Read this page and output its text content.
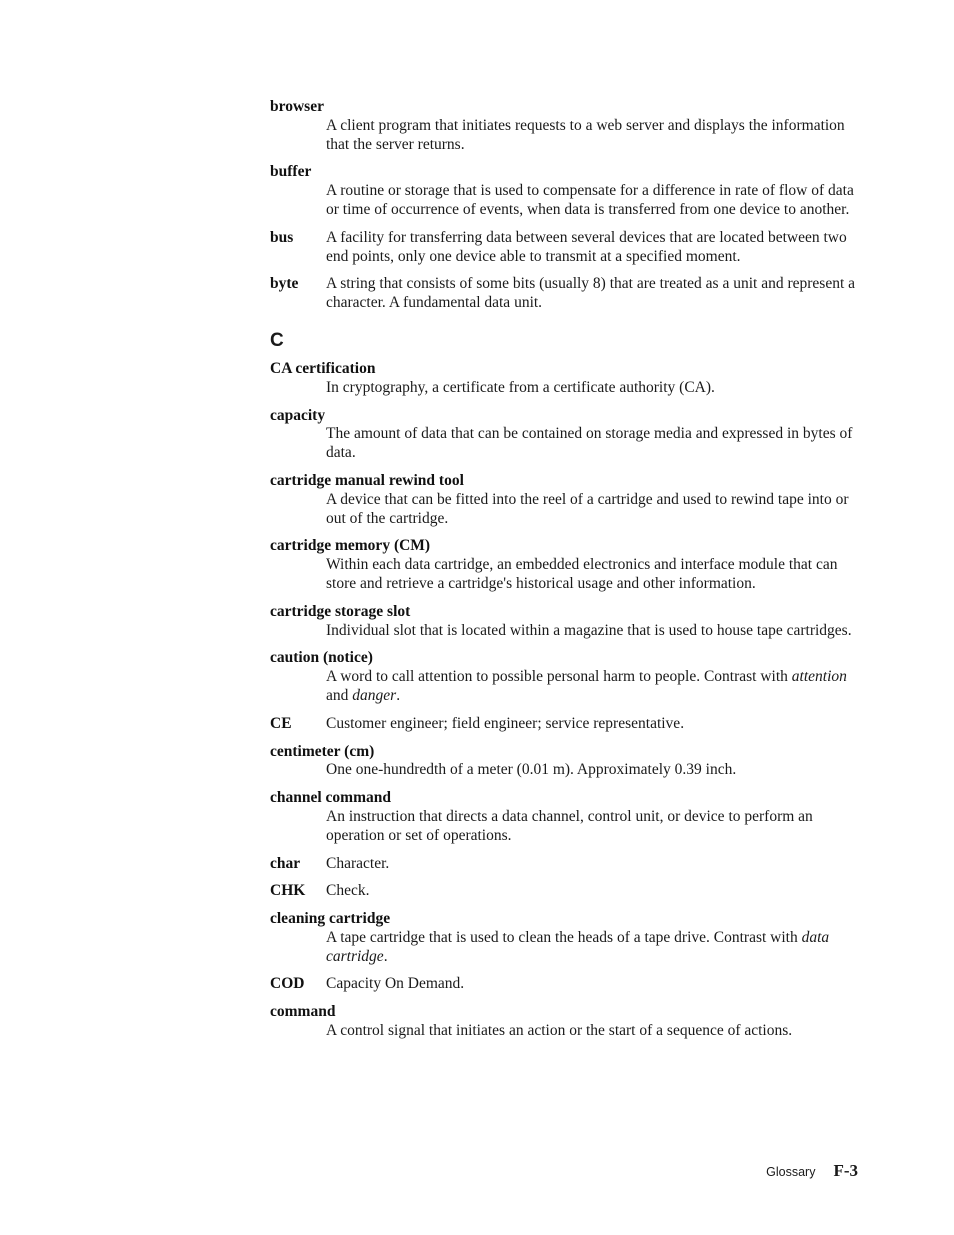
browser
A client program that initiates requests to a web server and displays the information that the server returns.
buffer
A routine or storage that is used to compensate for a difference in rate of flow of data or time of occurrence of events, when data is transferred from one device to another.
bus	A facility for transferring data between several devices that are located between two end points, only one device able to transmit at a specified moment.
byte	A string that consists of some bits (usually 8) that are treated as a unit and represent a character. A fundamental data unit.
C
CA certification
In cryptography, a certificate from a certificate authority (CA).
capacity
The amount of data that can be contained on storage media and expressed in bytes of data.
cartridge manual rewind tool
A device that can be fitted into the reel of a cartridge and used to rewind tape into or out of the cartridge.
cartridge memory (CM)
Within each data cartridge, an embedded electronics and interface module that can store and retrieve a cartridge's historical usage and other information.
cartridge storage slot
Individual slot that is located within a magazine that is used to house tape cartridges.
caution (notice)
A word to call attention to possible personal harm to people. Contrast with attention and danger.
CE	Customer engineer; field engineer; service representative.
centimeter (cm)
One one-hundredth of a meter (0.01 m). Approximately 0.39 inch.
channel command
An instruction that directs a data channel, control unit, or device to perform an operation or set of operations.
char	Character.
CHK	Check.
cleaning cartridge
A tape cartridge that is used to clean the heads of a tape drive. Contrast with data cartridge.
COD	Capacity On Demand.
command
A control signal that initiates an action or the start of a sequence of actions.
Glossary F-3
